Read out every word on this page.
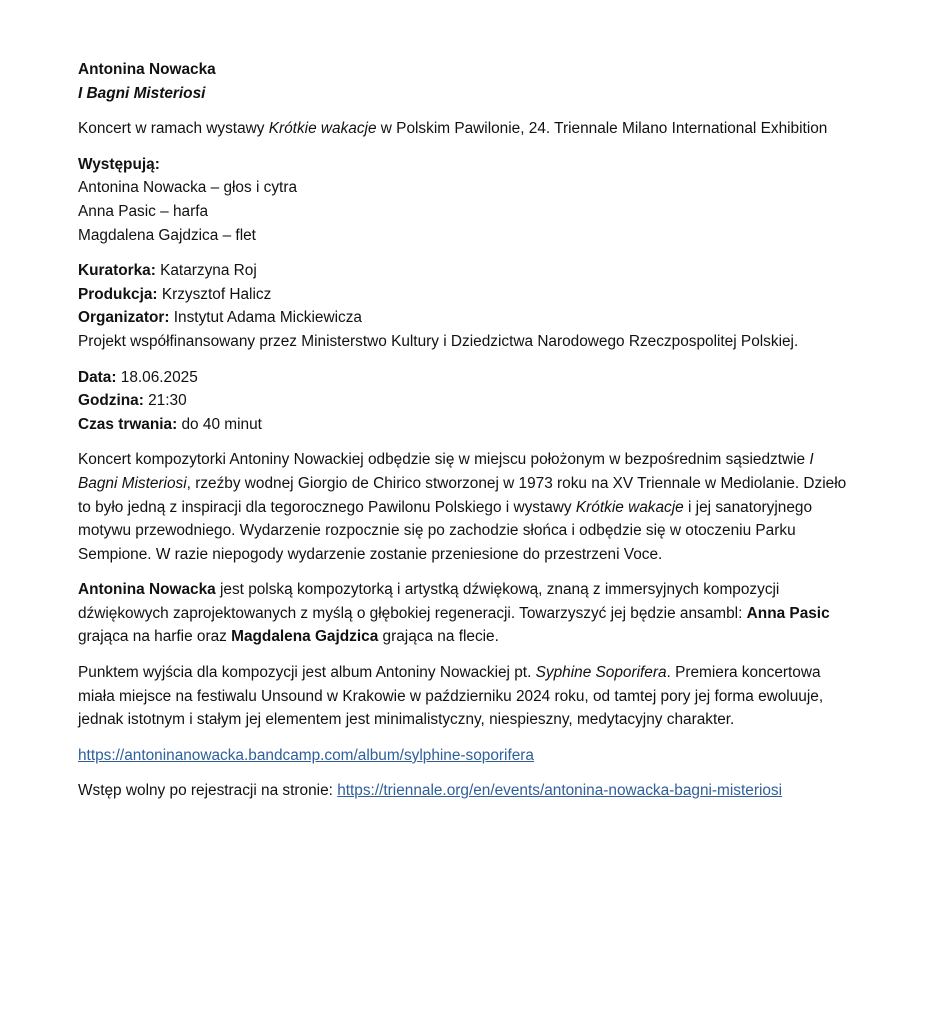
Antonina Nowacka
I Bagni Misteriosi

Koncert w ramach wystawy Krótkie wakacje w Polskim Pawilonie, 24. Triennale Milano International Exhibition

Występują:
Antonina Nowacka – głos i cytra
Anna Pasic – harfa
Magdalena Gajdzica – flet

Kuratorka: Katarzyna Roj
Produkcja: Krzysztof Halicz
Organizator: Instytut Adama Mickiewicza
Projekt współfinansowany przez Ministerstwo Kultury i Dziedzictwa Narodowego Rzeczpospolitej Polskiej.

Data: 18.06.2025
Godzina: 21:30
Czas trwania: do 40 minut

Koncert kompozytorki Antoniny Nowackiej odbędzie się w miejscu położonym w bezpośrednim sąsiedztwie I Bagni Misteriosi, rzeźby wodnej Giorgio de Chirico stworzonej w 1973 roku na XV Triennale w Mediolanie. Dzieło to było jedną z inspiracji dla tegorocznego Pawilonu Polskiego i wystawy Krótkie wakacje i jej sanatoryjnego motywu przewodniego. Wydarzenie rozpocznie się po zachodzie słońca i odbędzie się w otoczeniu Parku Sempione. W razie niepogody wydarzenie zostanie przeniesione do przestrzeni Voce.

Antonina Nowacka jest polską kompozytorką i artystką dźwiękową, znaną z immersyjnych kompozycji dźwiękowych zaprojektowanych z myślą o głębokiej regeneracji. Towarzyszyć jej będzie ansambl: Anna Pasic grająca na harfie oraz Magdalena Gajdzica grająca na flecie.

Punktem wyjścia dla kompozycji jest album Antoniny Nowackiej pt. Syphine Soporifera. Premiera koncertowa miała miejsce na festiwalu Unsound w Krakowie w październiku 2024 roku, od tamtej pory jej forma ewoluuje, jednak istotnym i stałym jej elementem jest minimalistyczny, niespieszny, medytacyjny charakter.

https://antoninanowacka.bandcamp.com/album/sylphine-soporifera

Wstęp wolny po rejestracji na stronie: https://triennale.org/en/events/antonina-nowacka-bagni-misteriosi
